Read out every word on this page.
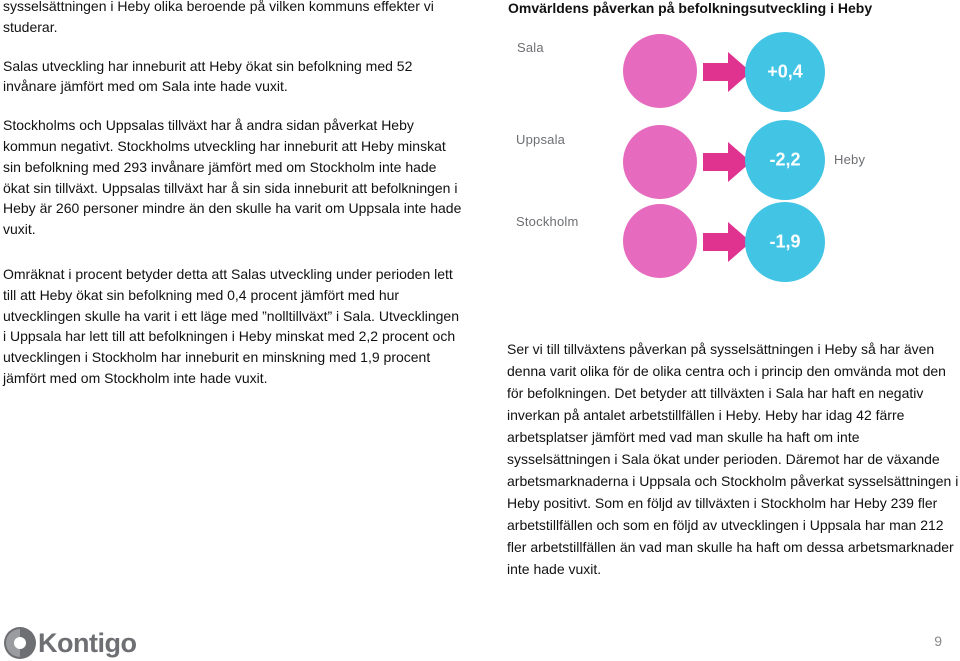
sysselsättningen i Heby olika beroende på vilken kommuns effekter vi studerar.

Salas utveckling har inneburit att Heby ökat sin befolkning med 52 invånare jämfört med om Sala inte hade vuxit.

Stockholms och Uppsalas tillväxt har å andra sidan påverkat Heby kommun negativt. Stockholms utveckling har inneburit att Heby minskat sin befolkning med 293 invånare jämfört med om Stockholm inte hade ökat sin tillväxt. Uppsalas tillväxt har å sin sida inneburit att befolkningen i Heby är 260 personer mindre än den skulle ha varit om Uppsala inte hade vuxit.

Omräknat i procent betyder detta att Salas utveckling under perioden lett till att Heby ökat sin befolkning med 0,4 procent jämfört med hur utvecklingen skulle ha varit i ett läge med ”nolltillväxt” i Sala. Utvecklingen i Uppsala har lett till att befolkningen i Heby minskat med 2,2 procent och utvecklingen i Stockholm har inneburit en minskning med 1,9 procent jämfört med om Stockholm inte hade vuxit.

Omvärldens påverkan på befolkningsutveckling i Heby

Sala
Uppsala
Stockholm
Heby
+0,4
-2,2
-1,9

Ser vi till tillväxtens påverkan på sysselsättningen i Heby så har även denna varit olika för de olika centra och i princip den omvända mot den för befolkningen. Det betyder att tillväxten i Sala har haft en negativ inverkan på antalet arbetstillfällen i Heby. Heby har idag 42 färre arbetsplatser jämfört med vad man skulle ha haft om inte sysselsättningen i Sala ökat under perioden. Däremot har de växande arbetsmarknaderna i Uppsala och Stockholm påverkat sysselsättningen i Heby positivt. Som en följd av tillväxten i Stockholm har Heby 239 fler arbetstillfällen och som en följd av utvecklingen i Uppsala har man 212 fler arbetstillfällen än vad man skulle ha haft om dessa arbetsmarknader inte hade vuxit.

Kontigo	9
